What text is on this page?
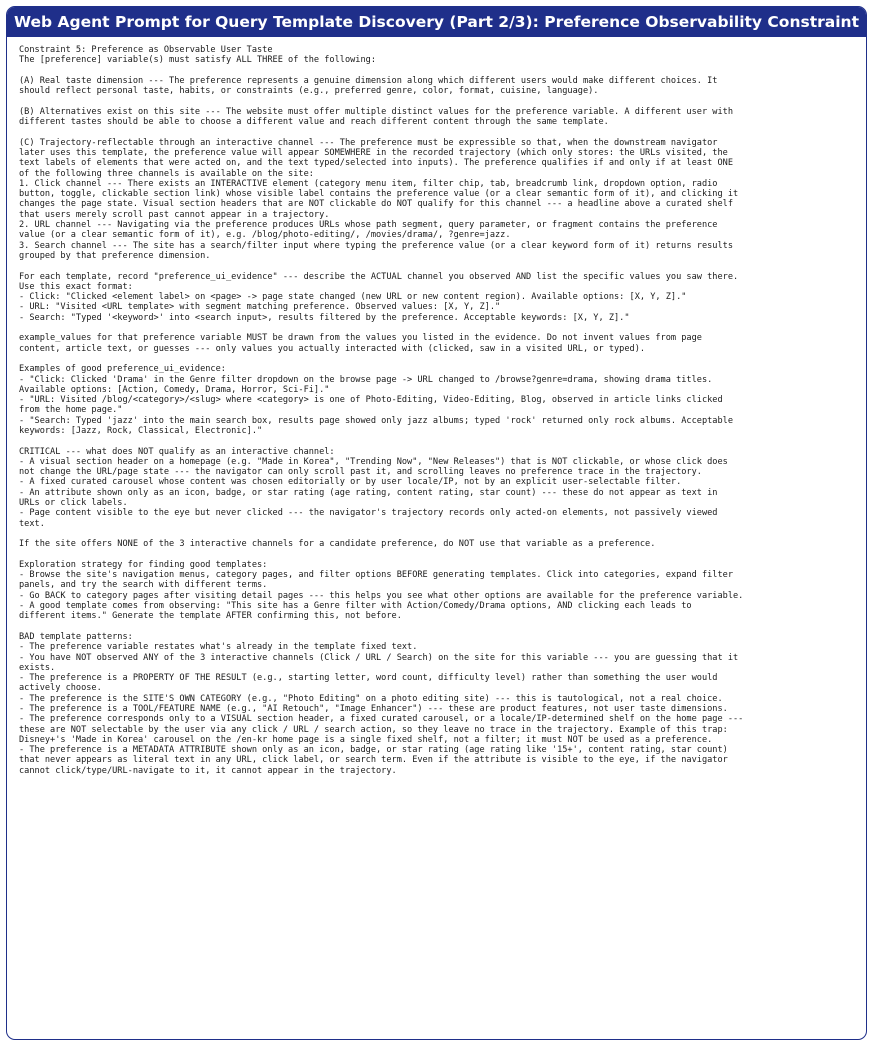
Web Agent Prompt for Query Template Discovery (Part 2/3): Preference Observability Constraint
Constraint 5: Preference as Observable User Taste
The [preference] variable(s) must satisfy ALL THREE of the following:
(A) Real taste dimension --- The preference represents a genuine dimension along which different users would make different choices. It
should reflect personal taste, habits, or constraints (e.g., preferred genre, color, format, cuisine, language).
(B) Alternatives exist on this site --- The website must offer multiple distinct values for the preference variable. A different user with
different tastes should be able to choose a different value and reach different content through the same template.
(C) Trajectory-reflectable through an interactive channel --- The preference must be expressible so that, when the downstream navigator
later uses this template, the preference value will appear SOMEWHERE in the recorded trajectory (which only stores: the URLs visited, the
text labels of elements that were acted on, and the text typed/selected into inputs). The preference qualifies if and only if at least ONE
of the following three channels is available on the site:
1. Click channel --- There exists an INTERACTIVE element (category menu item, filter chip, tab, breadcrumb link, dropdown option, radio
button, toggle, clickable section link) whose visible label contains the preference value (or a clear semantic form of it), and clicking it
changes the page state. Visual section headers that are NOT clickable do NOT qualify for this channel --- a headline above a curated shelf
that users merely scroll past cannot appear in a trajectory.
2. URL channel --- Navigating via the preference produces URLs whose path segment, query parameter, or fragment contains the preference
value (or a clear semantic form of it), e.g. /blog/photo-editing/, /movies/drama/, ?genre=jazz.
3. Search channel --- The site has a search/filter input where typing the preference value (or a clear keyword form of it) returns results
grouped by that preference dimension.
For each template, record "preference_ui_evidence" --- describe the ACTUAL channel you observed AND list the specific values you saw there.
Use this exact format:
- Click: "Clicked <element label> on <page> -> page state changed (new URL or new content region). Available options: [X, Y, Z]."
- URL: "Visited <URL template> with segment matching preference. Observed values: [X, Y, Z]."
- Search: "Typed '<keyword>' into <search input>, results filtered by the preference. Acceptable keywords: [X, Y, Z]."
example_values for that preference variable MUST be drawn from the values you listed in the evidence. Do not invent values from page
content, article text, or guesses --- only values you actually interacted with (clicked, saw in a visited URL, or typed).
Examples of good preference_ui_evidence:
- "Click: Clicked 'Drama' in the Genre filter dropdown on the browse page -> URL changed to /browse?genre=drama, showing drama titles.
Available options: [Action, Comedy, Drama, Horror, Sci-Fi]."
- "URL: Visited /blog/<category>/<slug> where <category> is one of Photo-Editing, Video-Editing, Blog, observed in article links clicked
from the home page."
- "Search: Typed 'jazz' into the main search box, results page showed only jazz albums; typed 'rock' returned only rock albums. Acceptable
keywords: [Jazz, Rock, Classical, Electronic]."
CRITICAL --- what does NOT qualify as an interactive channel:
- A visual section header on a homepage (e.g. "Made in Korea", "Trending Now", "New Releases") that is NOT clickable, or whose click does
not change the URL/page state --- the navigator can only scroll past it, and scrolling leaves no preference trace in the trajectory.
- A fixed curated carousel whose content was chosen editorially or by user locale/IP, not by an explicit user-selectable filter.
- An attribute shown only as an icon, badge, or star rating (age rating, content rating, star count) --- these do not appear as text in
URLs or click labels.
- Page content visible to the eye but never clicked --- the navigator's trajectory records only acted-on elements, not passively viewed
text.
If the site offers NONE of the 3 interactive channels for a candidate preference, do NOT use that variable as a preference.
Exploration strategy for finding good templates:
- Browse the site's navigation menus, category pages, and filter options BEFORE generating templates. Click into categories, expand filter
panels, and try the search with different terms.
- Go BACK to category pages after visiting detail pages --- this helps you see what other options are available for the preference variable.
- A good template comes from observing: "This site has a Genre filter with Action/Comedy/Drama options, AND clicking each leads to
different items." Generate the template AFTER confirming this, not before.
BAD template patterns:
- The preference variable restates what's already in the template fixed text.
- You have NOT observed ANY of the 3 interactive channels (Click / URL / Search) on the site for this variable --- you are guessing that it
exists.
- The preference is a PROPERTY OF THE RESULT (e.g., starting letter, word count, difficulty level) rather than something the user would
actively choose.
- The preference is the SITE'S OWN CATEGORY (e.g., "Photo Editing" on a photo editing site) --- this is tautological, not a real choice.
- The preference is a TOOL/FEATURE NAME (e.g., "AI Retouch", "Image Enhancer") --- these are product features, not user taste dimensions.
- The preference corresponds only to a VISUAL section header, a fixed curated carousel, or a locale/IP-determined shelf on the home page ---
these are NOT selectable by the user via any click / URL / search action, so they leave no trace in the trajectory. Example of this trap:
Disney+'s 'Made in Korea' carousel on the /en-kr home page is a single fixed shelf, not a filter; it must NOT be used as a preference.
- The preference is a METADATA ATTRIBUTE shown only as an icon, badge, or star rating (age rating like '15+', content rating, star count)
that never appears as literal text in any URL, click label, or search term. Even if the attribute is visible to the eye, if the navigator
cannot click/type/URL-navigate to it, it cannot appear in the trajectory.
